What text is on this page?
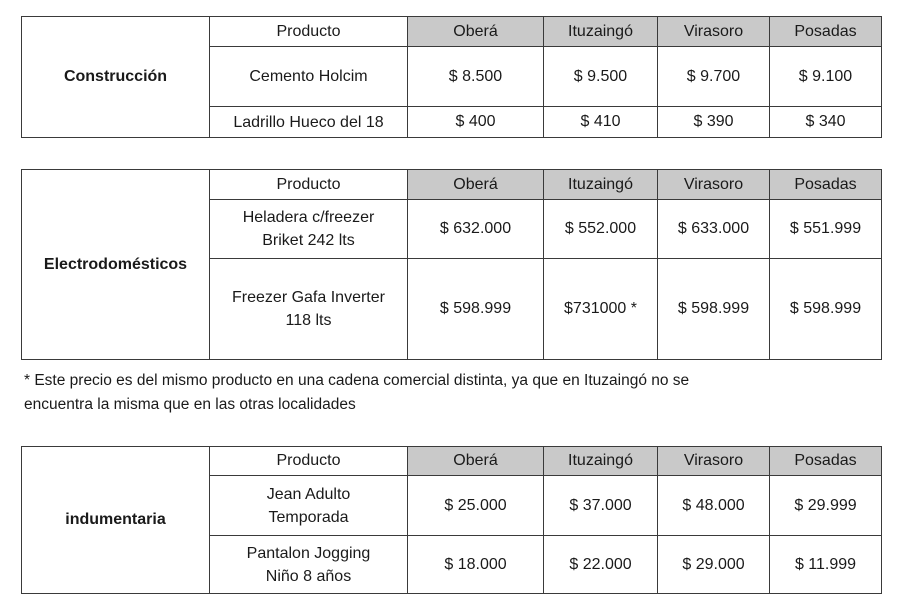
Construcción	Producto	Oberá	Ituzaingó	Virasoro	Posadas
	Cemento Holcim	$ 8.500	$ 9.500	$ 9.700	$ 9.100
	Ladrillo Hueco del 18	$ 400	$ 410	$ 390	$ 340
Electrodomésticos	Producto	Oberá	Ituzaingó	Virasoro	Posadas

	Heladera c/freezer
Briket 242 lts	$ 632.000	$ 552.000	$ 633.000	$ 551.999

	Freezer Gafa Inverter
118 lts	$ 598.999	$731000 *	$ 598.999	$ 598.999
* Este precio es del mismo producto en una cadena comercial distinta, ya que en Ituzaingó no se
encuentra la misma que en las otras localidades
indumentaria	Producto	Oberá	Ituzaingó	Virasoro	Posadas

	Jean Adulto
Temporada	$ 25.000	$ 37.000	$ 48.000	$ 29.999

	Pantalon Jogging
Niño 8 años	$ 18.000	$ 22.000	$ 29.000	$ 11.999
